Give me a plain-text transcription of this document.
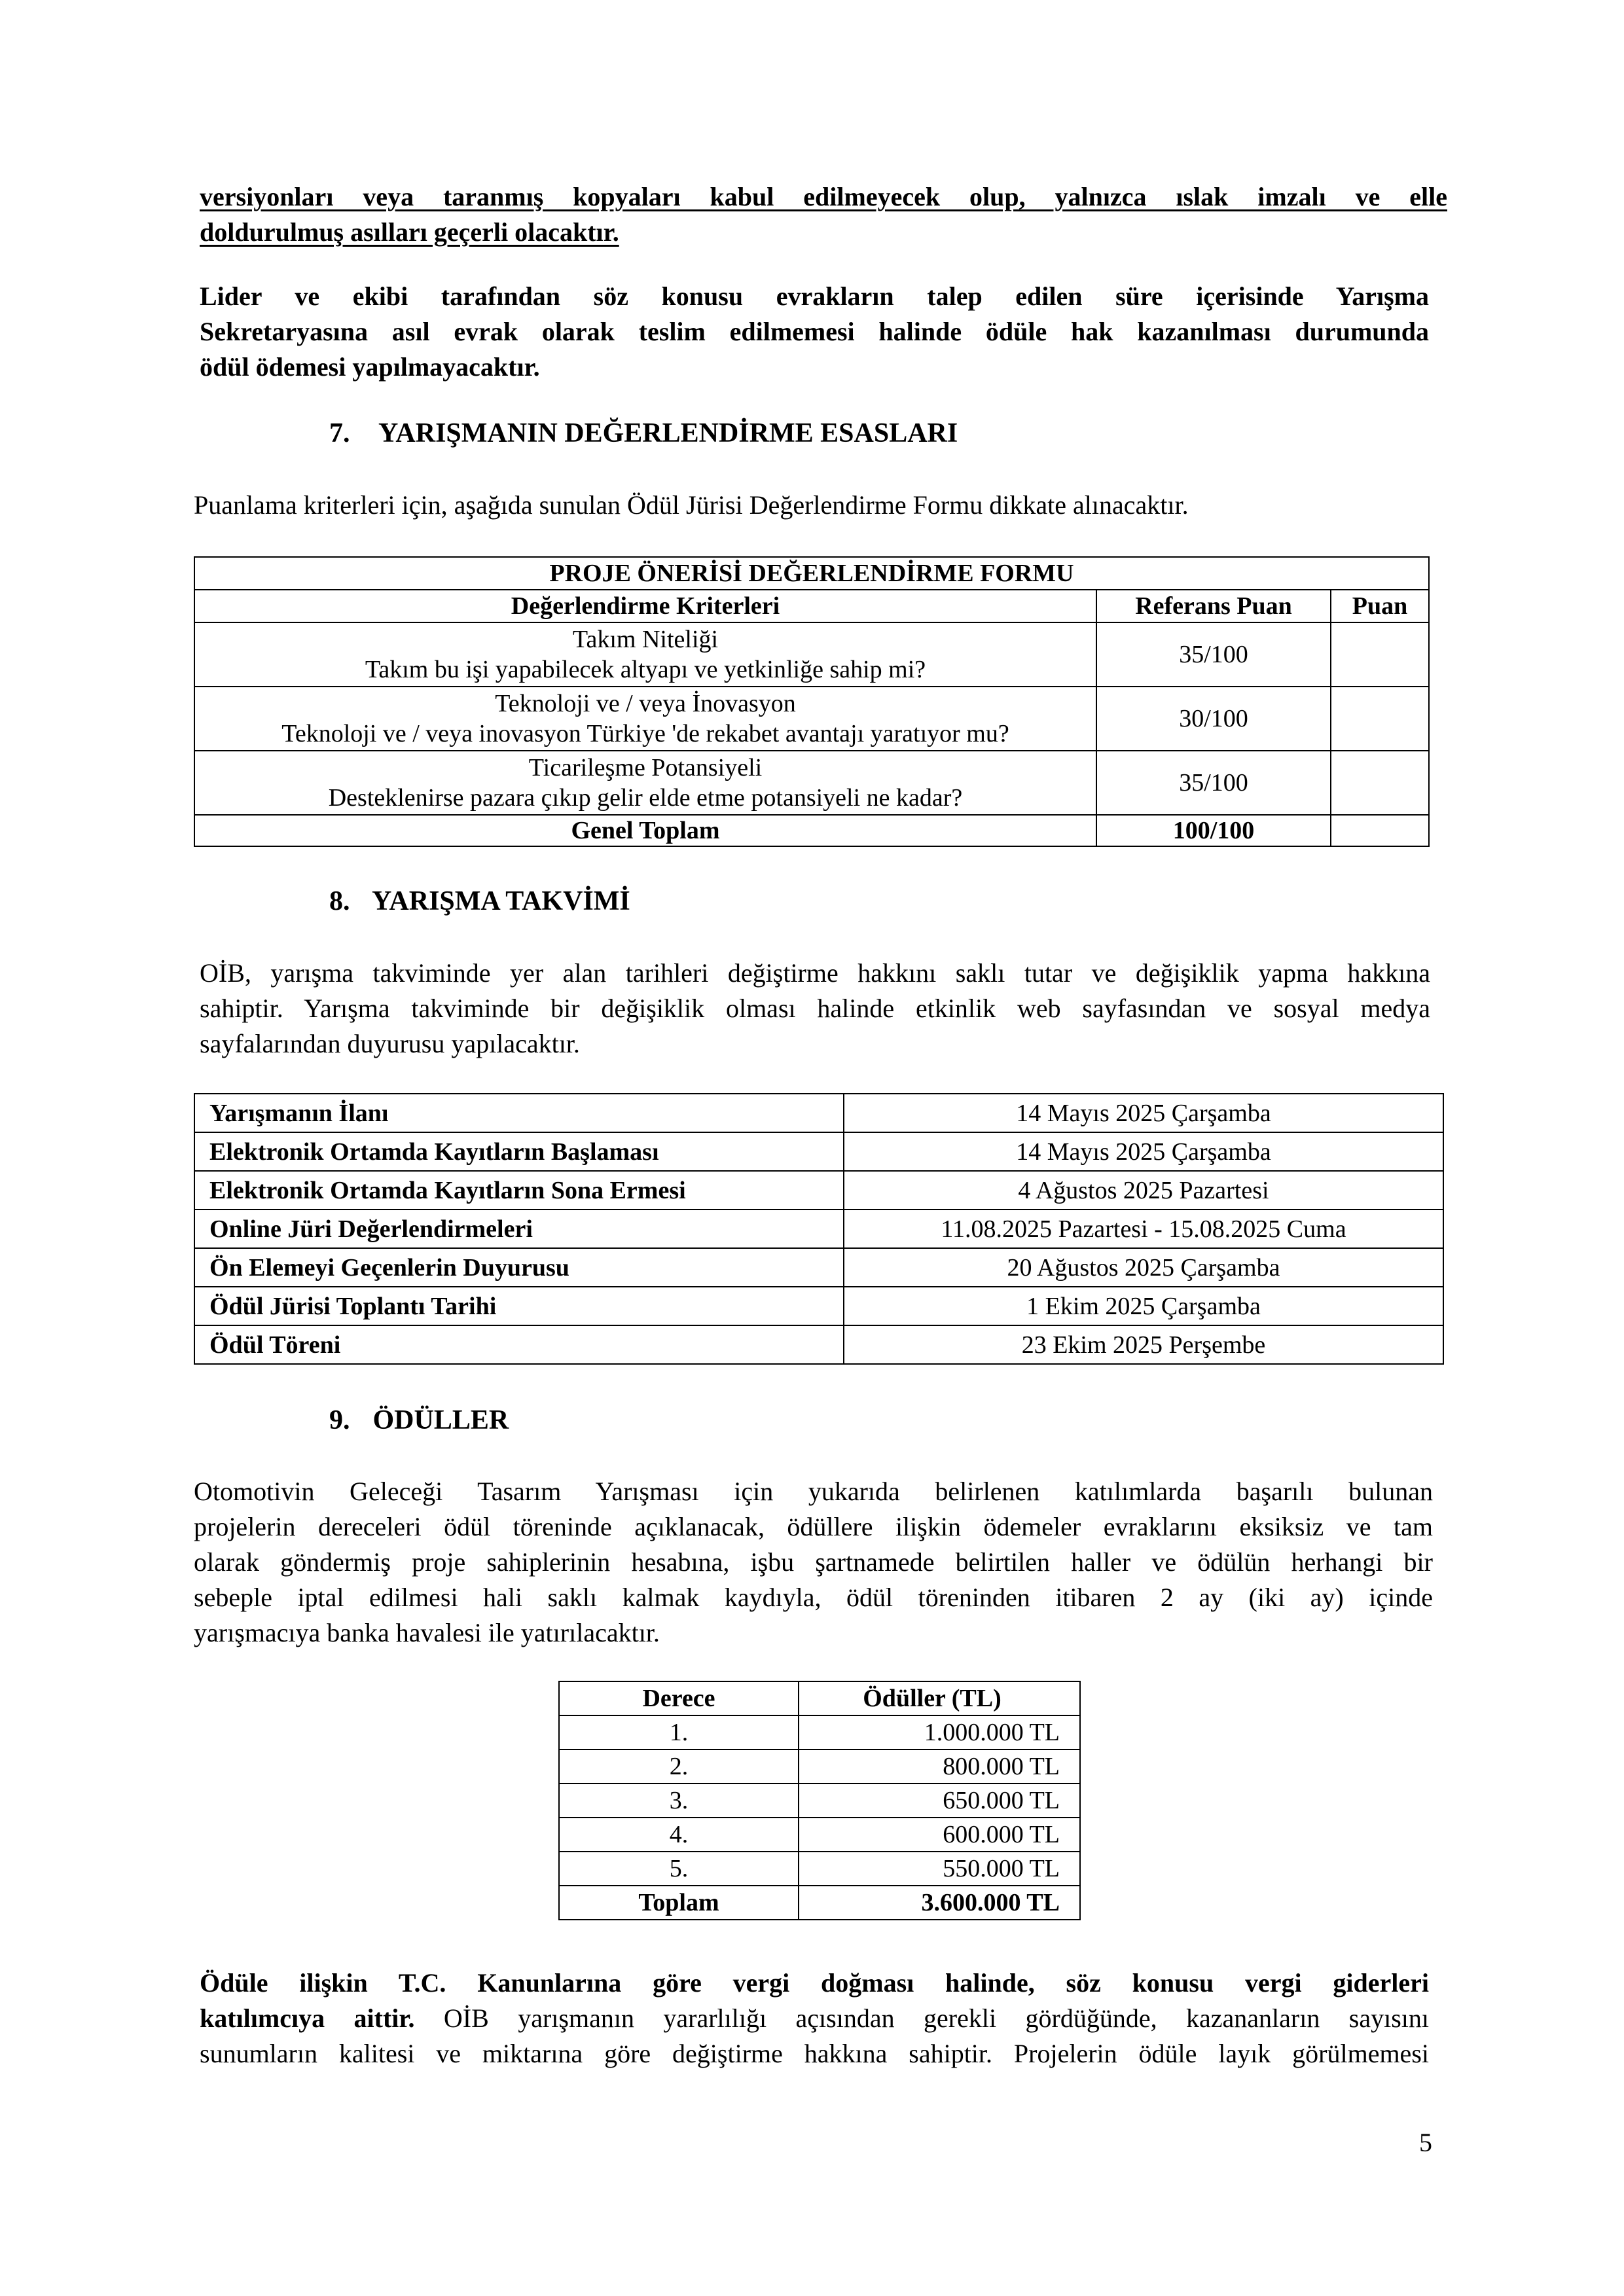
versiyonları veya taranmış kopyaları kabul edilmeyecek olup, yalnızca ıslak imzalı ve elle
doldurulmuş asılları geçerli olacaktır.
Lider ve ekibi tarafından söz konusu evrakların talep edilen süre içerisinde Yarışma
Sekretaryasına asıl evrak olarak teslim edilmemesi halinde ödüle hak kazanılması durumunda
ödül ödemesi yapılmayacaktır.
7. YARIŞMANIN DEĞERLENDİRME ESASLARI
Puanlama kriterleri için, aşağıda sunulan Ödül Jürisi Değerlendirme Formu dikkate alınacaktır.
PROJE ÖNERİSİ DEĞERLENDİRME FORMU		
Değerlendirme Kriterleri	Referans Puan	Puan

Takım Niteliği
Takım bu işi yapabilecek altyapı ve yetkinliğe sahip mi?	35/100	

Teknoloji ve / veya İnovasyon
Teknoloji ve / veya inovasyon Türkiye 'de rekabet avantajı yaratıyor mu?	30/100	

Ticarileşme Potansiyeli
Desteklenirse pazara çıkıp gelir elde etme potansiyeli ne kadar?	35/100	
Genel Toplam	100/100	
8. YARIŞMA TAKVİMİ
OİB, yarışma takviminde yer alan tarihleri değiştirme hakkını saklı tutar ve değişiklik yapma hakkına
sahiptir. Yarışma takviminde bir değişiklik olması halinde etkinlik web sayfasından ve sosyal medya
sayfalarından duyurusu yapılacaktır.
Yarışmanın İlanı	14 Mayıs 2025 Çarşamba
Elektronik Ortamda Kayıtların Başlaması	14 Mayıs 2025 Çarşamba
Elektronik Ortamda Kayıtların Sona Ermesi	4 Ağustos 2025 Pazartesi
Online Jüri Değerlendirmeleri	11.08.2025 Pazartesi - 15.08.2025 Cuma
Ön Elemeyi Geçenlerin Duyurusu	20 Ağustos 2025 Çarşamba
Ödül Jürisi Toplantı Tarihi	1 Ekim 2025 Çarşamba
Ödül Töreni	23 Ekim 2025 Perşembe
9. ÖDÜLLER
Otomotivin Geleceği Tasarım Yarışması için yukarıda belirlenen katılımlarda başarılı bulunan
projelerin dereceleri ödül töreninde açıklanacak, ödüllere ilişkin ödemeler evraklarını eksiksiz ve tam
olarak göndermiş proje sahiplerinin hesabına, işbu şartnamede belirtilen haller ve ödülün herhangi bir
sebeple iptal edilmesi hali saklı kalmak kaydıyla, ödül töreninden itibaren 2 ay (iki ay) içinde
yarışmacıya banka havalesi ile yatırılacaktır.
Derece	Ödüller (TL)
1.	1.000.000 TL
2.	800.000 TL
3.	650.000 TL
4.	600.000 TL
5.	550.000 TL
Toplam	3.600.000 TL
Ödüle ilişkin T.C. Kanunlarına göre vergi doğması halinde, söz konusu vergi giderleri
katılımcıya aittir. OİB yarışmanın yararlılığı açısından gerekli gördüğünde, kazananların sayısını
sunumların kalitesi ve miktarına göre değiştirme hakkına sahiptir. Projelerin ödüle layık görülmemesi
5
